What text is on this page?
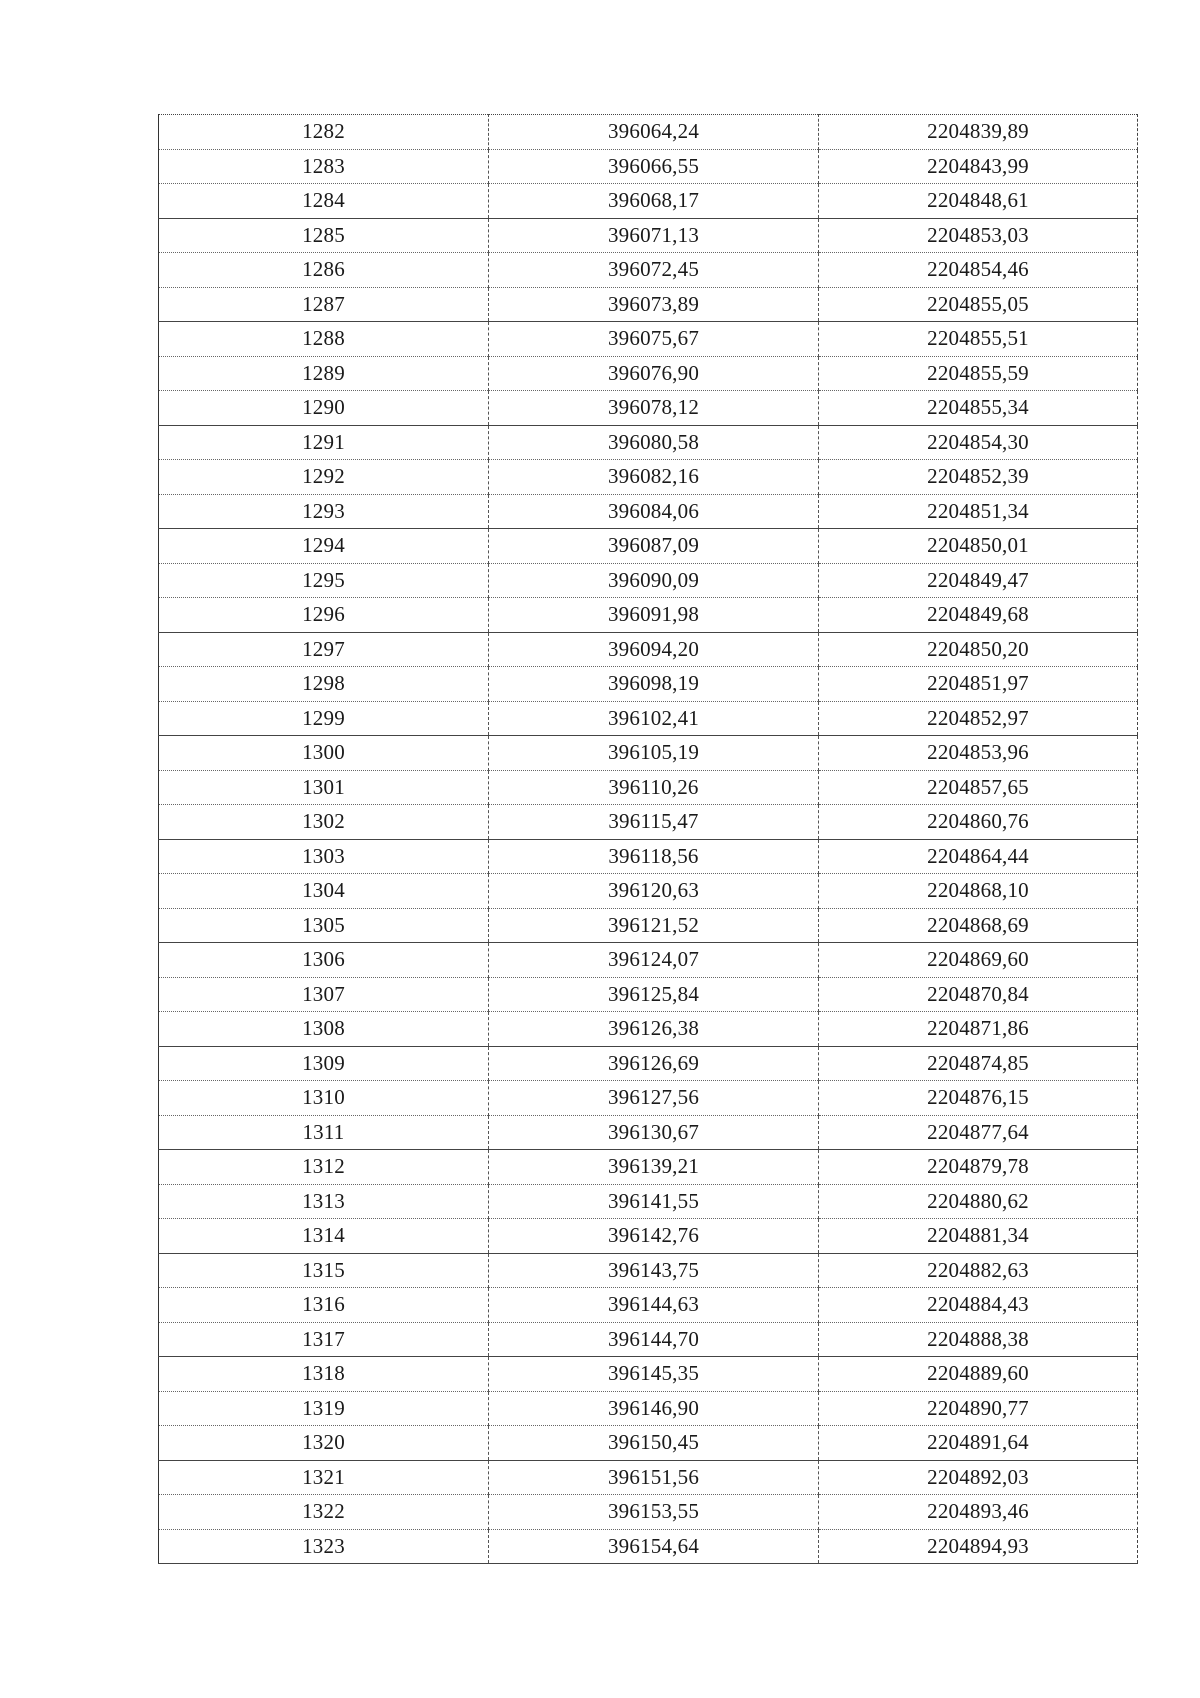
1282	396064,24	2204839,89
1283	396066,55	2204843,99
1284	396068,17	2204848,61
1285	396071,13	2204853,03
1286	396072,45	2204854,46
1287	396073,89	2204855,05
1288	396075,67	2204855,51
1289	396076,90	2204855,59
1290	396078,12	2204855,34
1291	396080,58	2204854,30
1292	396082,16	2204852,39
1293	396084,06	2204851,34
1294	396087,09	2204850,01
1295	396090,09	2204849,47
1296	396091,98	2204849,68
1297	396094,20	2204850,20
1298	396098,19	2204851,97
1299	396102,41	2204852,97
1300	396105,19	2204853,96
1301	396110,26	2204857,65
1302	396115,47	2204860,76
1303	396118,56	2204864,44
1304	396120,63	2204868,10
1305	396121,52	2204868,69
1306	396124,07	2204869,60
1307	396125,84	2204870,84
1308	396126,38	2204871,86
1309	396126,69	2204874,85
1310	396127,56	2204876,15
1311	396130,67	2204877,64
1312	396139,21	2204879,78
1313	396141,55	2204880,62
1314	396142,76	2204881,34
1315	396143,75	2204882,63
1316	396144,63	2204884,43
1317	396144,70	2204888,38
1318	396145,35	2204889,60
1319	396146,90	2204890,77
1320	396150,45	2204891,64
1321	396151,56	2204892,03
1322	396153,55	2204893,46
1323	396154,64	2204894,93
